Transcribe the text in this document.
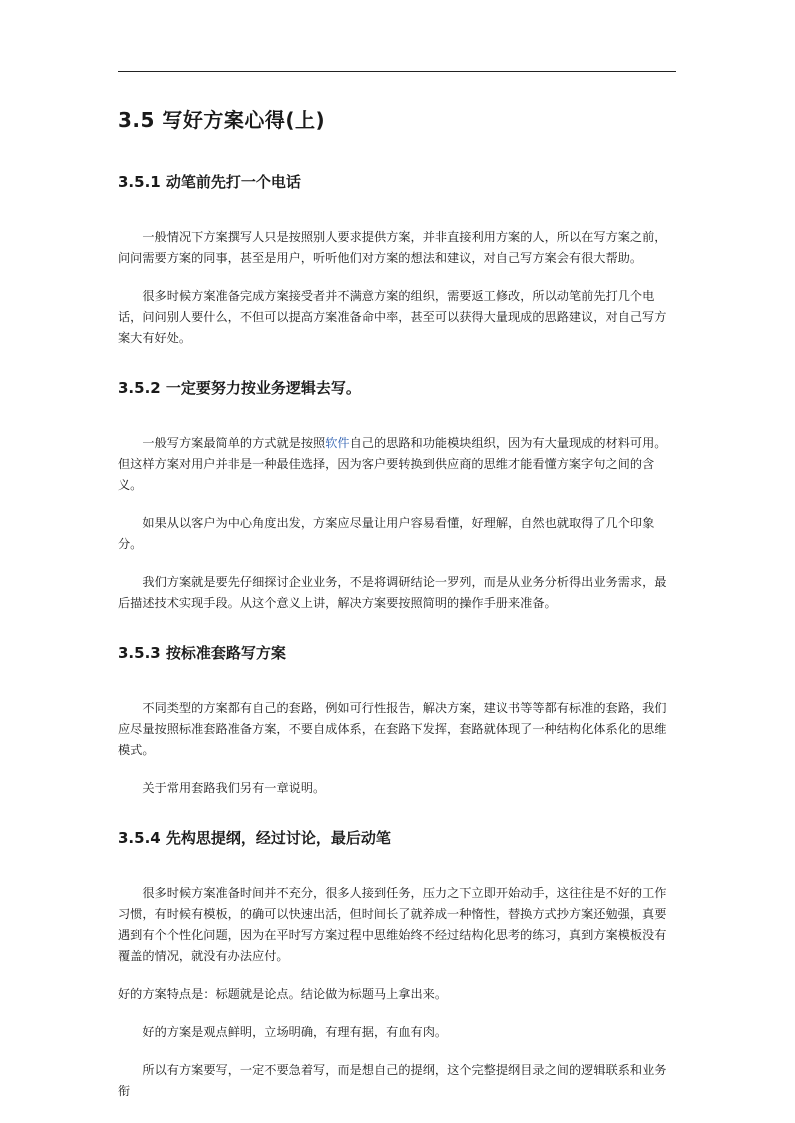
3.5 写好方案心得(上)
3.5.1 动笔前先打一个电话

一般情况下方案撰写人只是按照别人要求提供方案，并非直接利用方案的人，所以在写方案之前，问问需要方案的同事，甚至是用户，听听他们对方案的想法和建议，对自己写方案会有很大帮助。

很多时候方案准备完成方案接受者并不满意方案的组织，需要返工修改，所以动笔前先打几个电话，问问别人要什么，不但可以提高方案准备命中率，甚至可以获得大量现成的思路建议，对自己写方案大有好处。

3.5.2 一定要努力按业务逻辑去写。

一般写方案最简单的方式就是按照软件自己的思路和功能模块组织，因为有大量现成的材料可用。但这样方案对用户并非是一种最佳选择，因为客户要转换到供应商的思维才能看懂方案字句之间的含义。

如果从以客户为中心角度出发，方案应尽量让用户容易看懂，好理解，自然也就取得了几个印象分。

我们方案就是要先仔细探讨企业业务，不是将调研结论一罗列，而是从业务分析得出业务需求，最后描述技术实现手段。从这个意义上讲，解决方案要按照简明的操作手册来准备。

3.5.3 按标准套路写方案

不同类型的方案都有自己的套路，例如可行性报告，解决方案，建议书等等都有标准的套路，我们应尽量按照标准套路准备方案，不要自成体系，在套路下发挥，套路就体现了一种结构化体系化的思维模式。

关于常用套路我们另有一章说明。

3.5.4 先构思提纲，经过讨论，最后动笔

很多时候方案准备时间并不充分，很多人接到任务，压力之下立即开始动手，这往往是不好的工作习惯，有时候有模板，的确可以快速出活，但时间长了就养成一种惰性，替换方式抄方案还勉强，真要遇到有个个性化问题，因为在平时写方案过程中思维始终不经过结构化思考的练习，真到方案模板没有覆盖的情况，就没有办法应付。

好的方案特点是：标题就是论点。结论做为标题马上拿出来。

好的方案是观点鲜明，立场明确，有理有据，有血有肉。

所以有方案要写，一定不要急着写，而是想自己的提纲，这个完整提纲目录之间的逻辑联系和业务衔
